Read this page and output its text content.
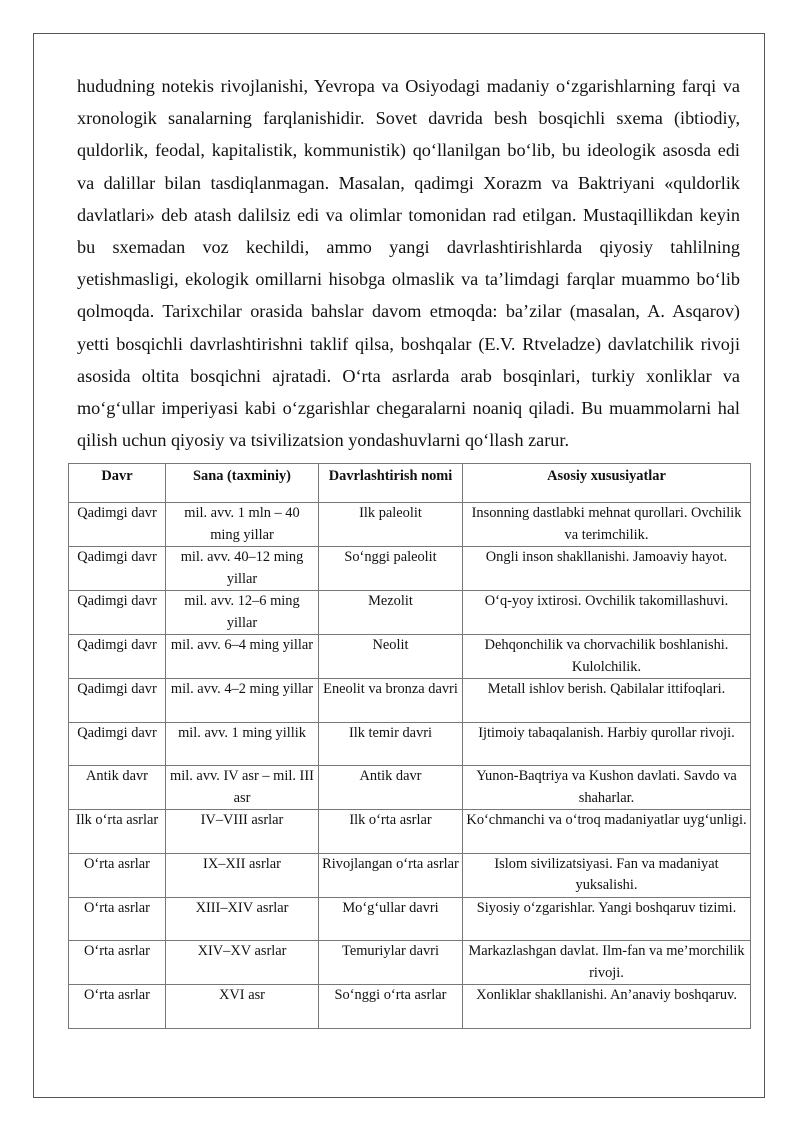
hududning notekis rivojlanishi, Yevropa va Osiyodagi madaniy o‘zgarishlarning farqi va xronologik sanalarning farqlanishidir. Sovet davrida besh bosqichli sxema (ibtiodiy, quldorlik, feodal, kapitalistik, kommunistik) qo‘llanilgan bo‘lib, bu ideologik asosda edi va dalillar bilan tasdiqlanmagan. Masalan, qadimgi Xorazm va Baktriyani «quldorlik davlatlari» deb atash dalilsiz edi va olimlar tomonidan rad etilgan. Mustaqillikdan keyin bu sxemadan voz kechildi, ammo yangi davrlashtirishlarda qiyosiy tahlilning yetishmasligi, ekologik omillarni hisobga olmaslik va ta’limdagi farqlar muammo bo‘lib qolmoqda. Tarixchilar orasida bahslar davom etmoqda: ba’zilar (masalan, A. Asqarov) yetti bosqichli davrlashtirishni taklif qilsa, boshqalar (E.V. Rtveladze) davlatchilik rivoji asosida oltita bosqichni ajratadi. O‘rta asrlarda arab bosqinlari, turkiy xonliklar va mo‘g‘ullar imperiyasi kabi o‘zgarishlar chegaralarni noaniq qiladi. Bu muammolarni hal qilish uchun qiyosiy va tsivilizatsion yondashuvlarni qo‘llash zarur.

Davr	Sana (taxminiy)	Davrlashtirish nomi	Asosiy xususiyatlar
Qadimgi davr	mil. avv. 1 mln – 40 ming yillar	Ilk paleolit	Insonning dastlabki mehnat qurollari. Ovchilik va terimchilik.
Qadimgi davr	mil. avv. 40–12 ming yillar	So‘nggi paleolit	Ongli inson shakllanishi. Jamoaviy hayot.
Qadimgi davr	mil. avv. 12–6 ming yillar	Mezolit	O‘q-yoy ixtirosi. Ovchilik takomillashuvi.
Qadimgi davr	mil. avv. 6–4 ming yillar	Neolit	Dehqonchilik va chorvachilik boshlanishi. Kulolchilik.
Qadimgi davr	mil. avv. 4–2 ming yillar	Eneolit va bronza davri	Metall ishlov berish. Qabilalar ittifoqlari.
Qadimgi davr	mil. avv. 1 ming yillik	Ilk temir davri	Ijtimoiy tabaqalanish. Harbiy qurollar rivoji.
Antik davr	mil. avv. IV asr – mil. III asr	Antik davr	Yunon-Baqtriya va Kushon davlati. Savdo va shaharlar.
Ilk o‘rta asrlar	IV–VIII asrlar	Ilk o‘rta asrlar	Ko‘chmanchi va o‘troq madaniyatlar uyg‘unligi.
O‘rta asrlar	IX–XII asrlar	Rivojlangan o‘rta asrlar	Islom sivilizatsiyasi. Fan va madaniyat yuksalishi.
O‘rta asrlar	XIII–XIV asrlar	Mo‘g‘ullar davri	Siyosiy o‘zgarishlar. Yangi boshqaruv tizimi.
O‘rta asrlar	XIV–XV asrlar	Temuriylar davri	Markazlashgan davlat. Ilm-fan va me’morchilik rivoji.
O‘rta asrlar	XVI asr	So‘nggi o‘rta asrlar	Xonliklar shakllanishi. An’anaviy boshqaruv.
